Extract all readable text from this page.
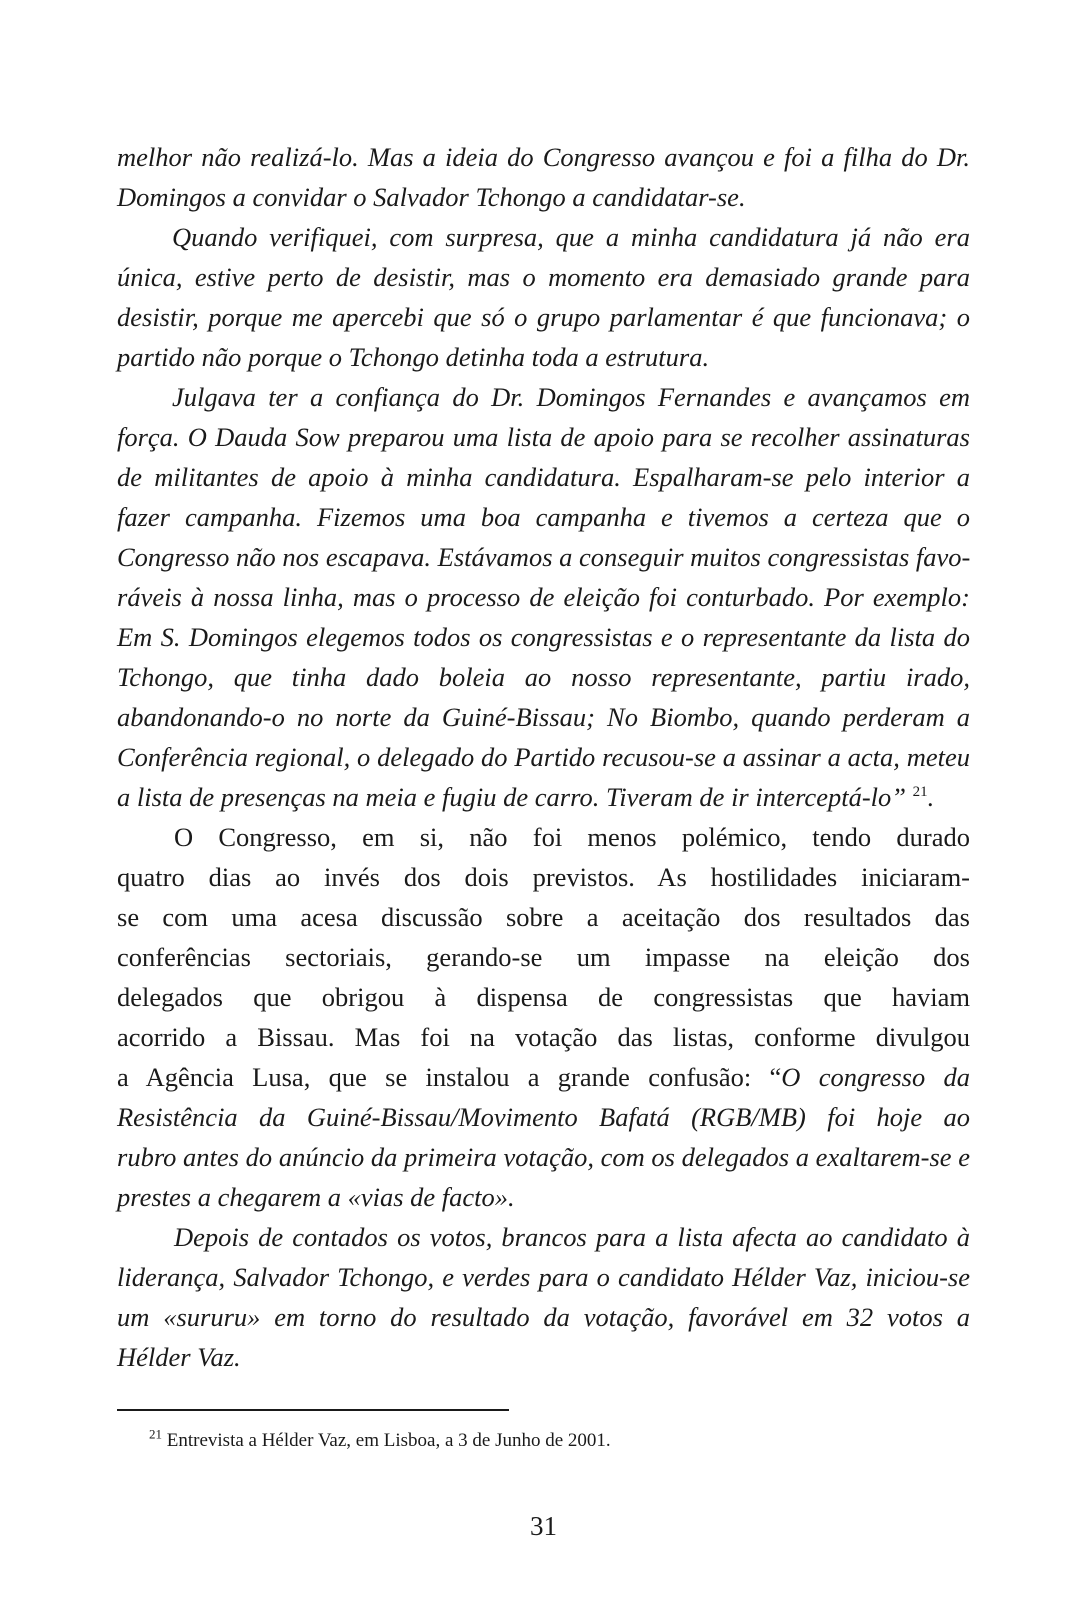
melhor não realizá-lo. Mas a ideia do Congresso avançou e foi a filha do Dr.
Domingos a convidar o Salvador Tchongo a candidatar-se.
Quando verifiquei, com surpresa, que a minha candidatura já não era
única, estive perto de desistir, mas o momento era demasiado grande para
desistir, porque me apercebi que só o grupo parlamentar é que funcionava; o
partido não porque o Tchongo detinha toda a estrutura.
Julgava ter a confiança do Dr. Domingos Fernandes e avançamos em
força. O Dauda Sow preparou uma lista de apoio para se recolher assinaturas
de militantes de apoio à minha candidatura. Espalharam-se pelo interior a
fazer campanha. Fizemos uma boa campanha e tivemos a certeza que o
Congresso não nos escapava. Estávamos a conseguir muitos congressistas favo-
ráveis à nossa linha, mas o processo de eleição foi conturbado. Por exemplo:
Em S. Domingos elegemos todos os congressistas e o representante da lista do
Tchongo, que tinha dado boleia ao nosso representante, partiu irado,
abandonando-o no norte da Guiné-Bissau; No Biombo, quando perderam a
Conferência regional, o delegado do Partido recusou-se a assinar a acta, meteu
a lista de presenças na meia e fugiu de carro. Tiveram de ir interceptá-lo” $^{21}$.
O Congresso, em si, não foi menos polémico, tendo durado
quatro dias ao invés dos dois previstos. As hostilidades iniciaram-
se com uma acesa discussão sobre a aceitação dos resultados das
conferências sectoriais, gerando-se um impasse na eleição dos
delegados que obrigou à dispensa de congressistas que haviam
acorrido a Bissau. Mas foi na votação das listas, conforme divulgou
a Agência Lusa, que se instalou a grande confusão: “O congresso da
Resistência da Guiné-Bissau/Movimento Bafatá (RGB/MB) foi hoje ao
rubro antes do anúncio da primeira votação, com os delegados a exaltarem-se e
prestes a chegarem a «vias de facto».
Depois de contados os votos, brancos para a lista afecta ao candidato à
liderança, Salvador Tchongo, e verdes para o candidato Hélder Vaz, iniciou-se
um «sururu» em torno do resultado da votação, favorável em 32 votos a
Hélder Vaz.
$^{21}$ Entrevista a Hélder Vaz, em Lisboa, a 3 de Junho de 2001.
31
